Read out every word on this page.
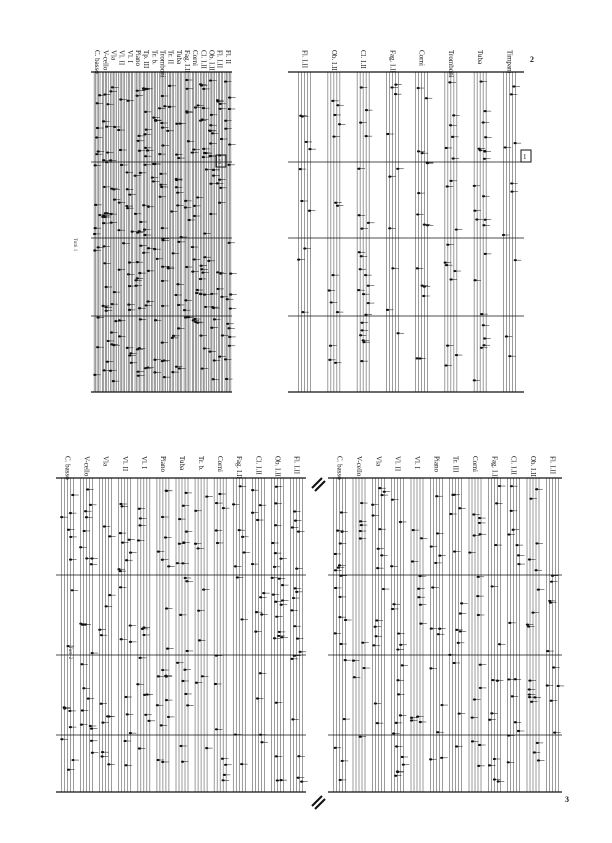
C. basso V-cello Vla Vl. II Vl. I Piano Tp. III Tr. b. Tromboni Tr. II Tuba Fag. I.II Corni Cl. I.II Ob. I.II Fl. I.II Fl. II	Fl. I.II	Ob. I.II	Cl. I.II	Fag. I.II	Corni	Tromboni	Tuba	Timpani
C. basso V-cello Vla Vl. II Vl. I Piano Tuba Tr. b. Corni Fag. I.II Cl. I.II Ob. I.II Fl. I.II	C. basso V-cello Vla Vl. II Vl. I Piano Tr. III Corni Fag. I.II Cl. I.II Ob. I.II Fl. I.II
2
3
1
1
Tutti 1
Tutti 2
